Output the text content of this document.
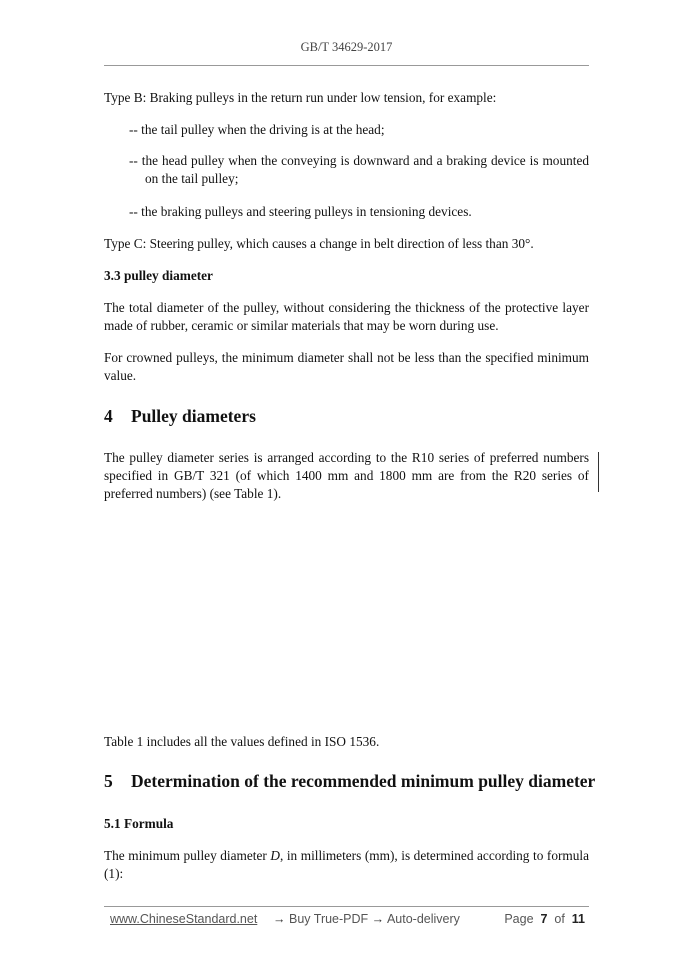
GB/T 34629-2017

Type B: Braking pulleys in the return run under low tension, for example:

-- the tail pulley when the driving is at the head;

-- the head pulley when the conveying is downward and a braking device is mounted on the tail pulley;

-- the braking pulleys and steering pulleys in tensioning devices.

Type C: Steering pulley, which causes a change in belt direction of less than 30°.

3.3 pulley diameter

The total diameter of the pulley, without considering the thickness of the protective layer made of rubber, ceramic or similar materials that may be worn during use.

For crowned pulleys, the minimum diameter shall not be less than the specified minimum value.

4 Pulley diameters

The pulley diameter series is arranged according to the R10 series of preferred numbers specified in GB/T 321 (of which 1400 mm and 1800 mm are from the R20 series of preferred numbers) (see Table 1).

Table 1 includes all the values defined in ISO 1536.

5 Determination of the recommended minimum pulley diameter

5.1 Formula

The minimum pulley diameter D, in millimeters (mm), is determined according to formula (1):

www.ChineseStandard.net → Buy True-PDF → Auto-delivery	Page 7 of 11
